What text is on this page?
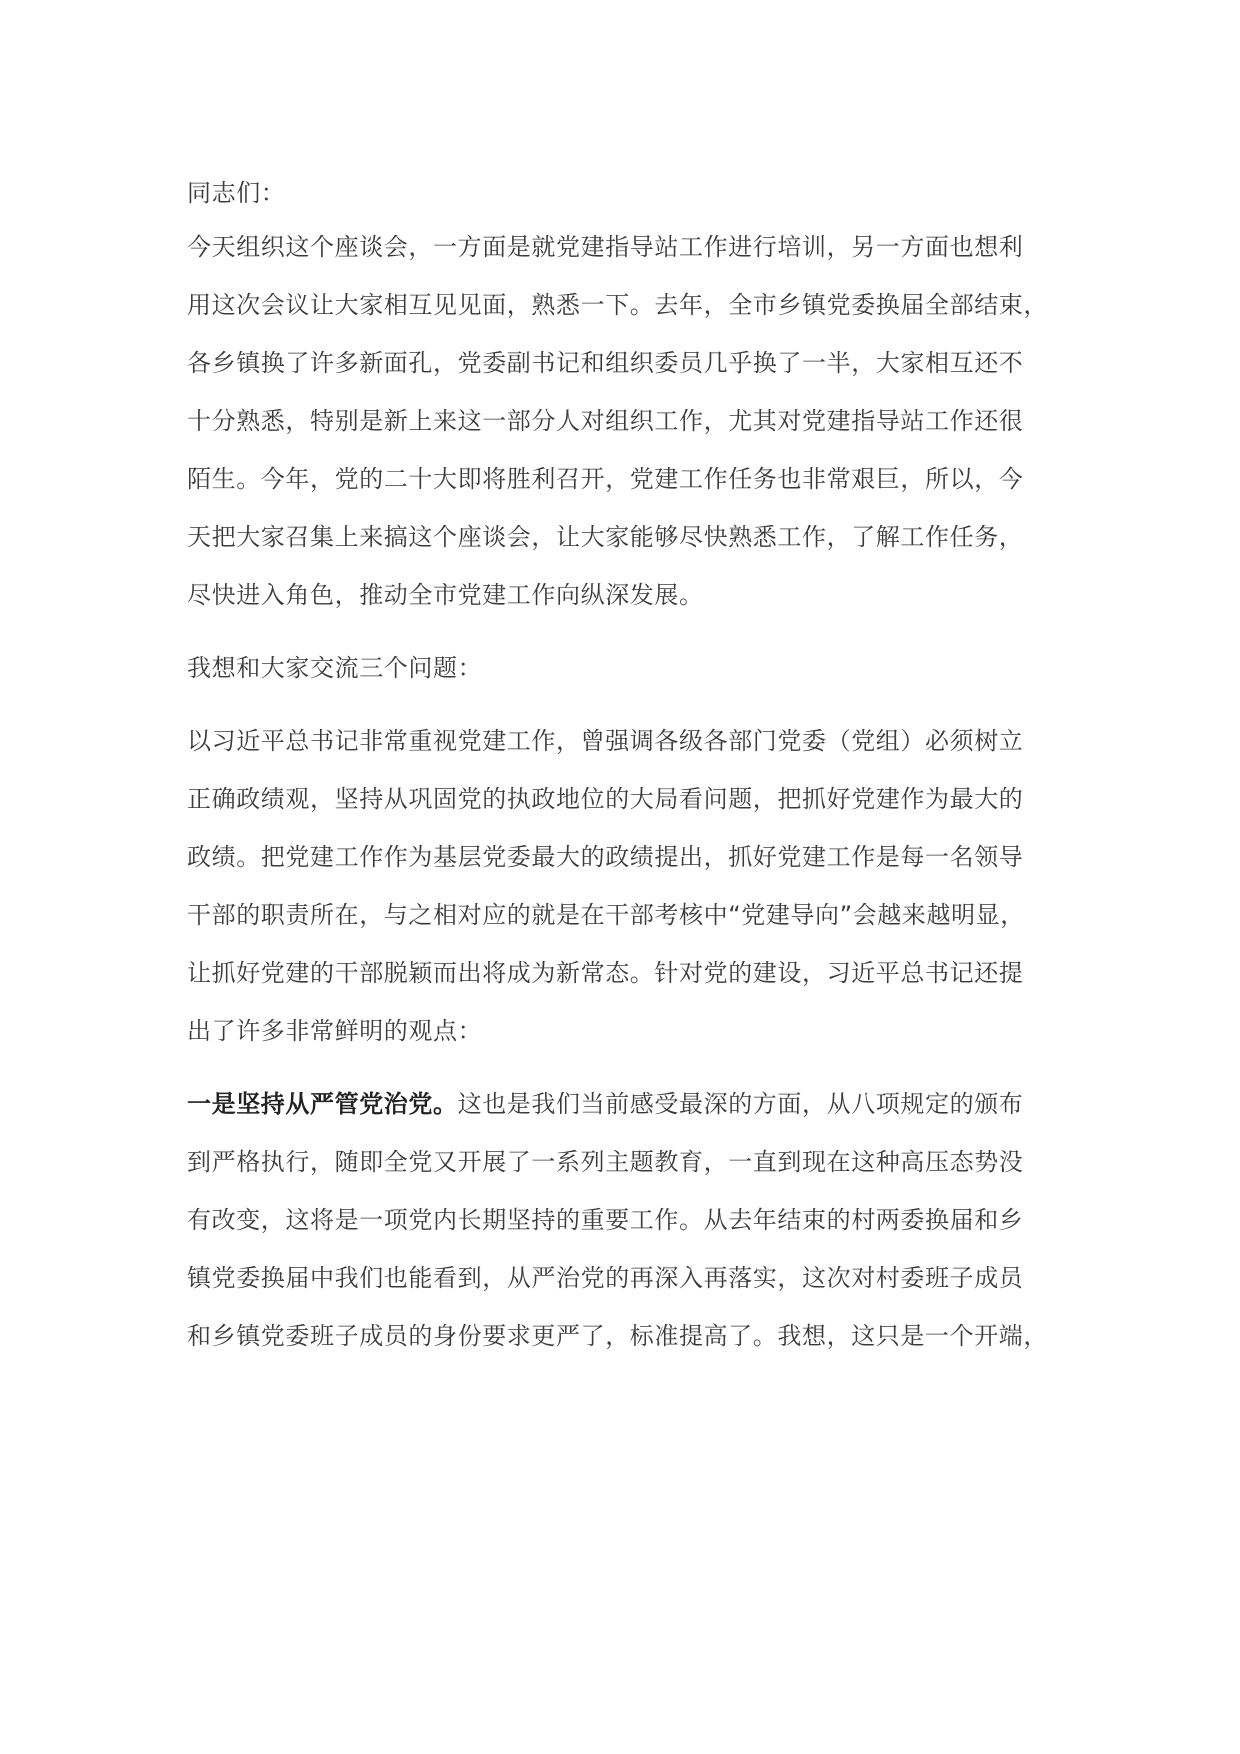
同志们：
今天组织这个座谈会，一方面是就党建指导站工作进行培训，另一方面也想利
用这次会议让大家相互见见面，熟悉一下。去年，全市乡镇党委换届全部结束，
各乡镇换了许多新面孔，党委副书记和组织委员几乎换了一半，大家相互还不
十分熟悉，特别是新上来这一部分人对组织工作，尤其对党建指导站工作还很
陌生。今年，党的二十大即将胜利召开，党建工作任务也非常艰巨，所以，今
天把大家召集上来搞这个座谈会，让大家能够尽快熟悉工作，了解工作任务，
尽快进入角色，推动全市党建工作向纵深发展。
我想和大家交流三个问题：
以习近平总书记非常重视党建工作，曾强调各级各部门党委（党组）必须树立
正确政绩观，坚持从巩固党的执政地位的大局看问题，把抓好党建作为最大的
政绩。把党建工作作为基层党委最大的政绩提出，抓好党建工作是每一名领导
干部的职责所在，与之相对应的就是在干部考核中“党建导向”会越来越明显，
让抓好党建的干部脱颖而出将成为新常态。针对党的建设，习近平总书记还提
出了许多非常鲜明的观点：
一是坚持从严管党治党。这也是我们当前感受最深的方面，从八项规定的颁布
到严格执行，随即全党又开展了一系列主题教育，一直到现在这种高压态势没
有改变，这将是一项党内长期坚持的重要工作。从去年结束的村两委换届和乡
镇党委换届中我们也能看到，从严治党的再深入再落实，这次对村委班子成员
和乡镇党委班子成员的身份要求更严了，标准提高了。我想，这只是一个开端，
